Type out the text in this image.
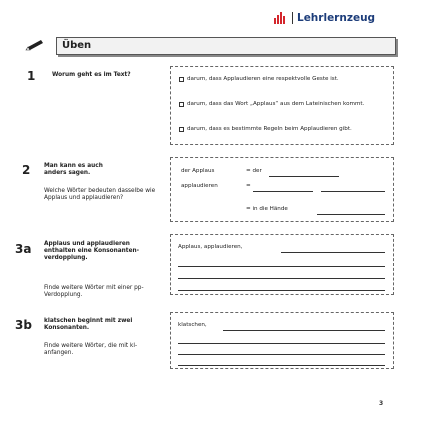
Lehrlernzeug
Üben
1	Worum geht es im Text?
darum, dass Applaudieren eine respektvolle Geste ist.
darum, dass das Wort „Applaus“ aus dem Lateinischen kommt.
darum, dass es bestimmte Regeln beim Applaudieren gibt.
2 Man kann es auch anders sagen.
Welche Wörter bedeuten dasselbe wie Applaus und applaudieren?
der Applaus	= der
applaudieren	=
= in die Hände
3a Applaus und applaudieren enthalten eine Konsonanten-verdopplung.
Finde weitere Wörter mit einer pp-Verdopplung.
Applaus, applaudieren,
3b klatschen beginnt mit zwei Konsonanten.
Finde weitere Wörter, die mit kl- anfangen.
klatschen,
3
